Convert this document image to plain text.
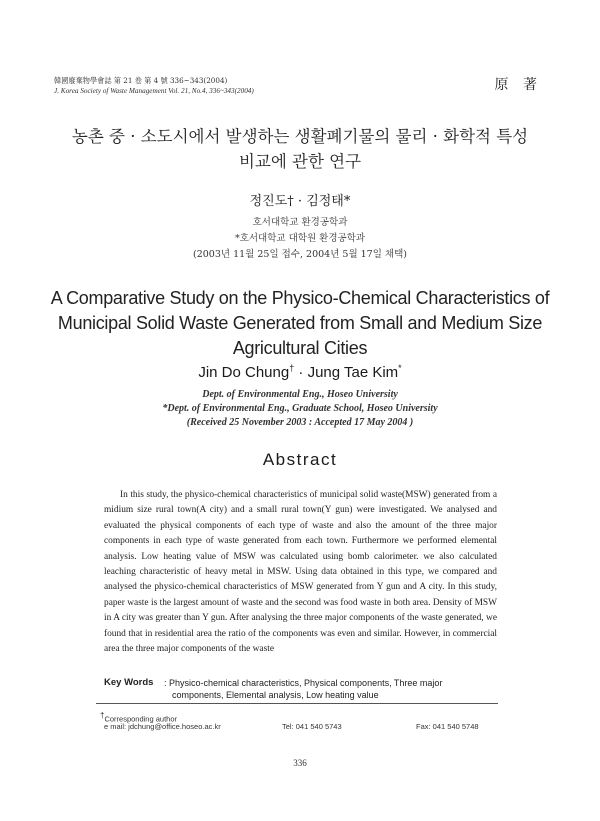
韓國廢棄物學會誌 第 21 卷 第 4 號 336~343(2004)
J. Korea Society of Waste Management Vol. 21, No.4, 336~343(2004)	原 著
농촌 중 · 소도시에서 발생하는 생활폐기물의 물리 · 화학적 특성
비교에 관한 연구
정진도† · 김정태*
호서대학교 환경공학과
*호서대학교 대학원 환경공학과
(2003년 11월 25일 접수, 2004년 5월 17일 채택)
A Comparative Study on the Physico-Chemical Characteristics of
Municipal Solid Waste Generated from Small and Medium Size
Agricultural Cities
Jin Do Chung† · Jung Tae Kim*
Dept. of Environmental Eng., Hoseo University
*Dept. of Environmental Eng., Graduate School, Hoseo University
(Received 25 November 2003 : Accepted 17 May 2004 )
Abstract
In this study, the physico-chemical characteristics of municipal solid waste(MSW) generated from a midium size rural town(A city) and a small rural town(Y gun) were investigated. We analysed and evaluated the physical components of each type of waste and also the amount of the three major components in each type of waste generated from each town. Furthermore we performed elemental analysis. Low heating value of MSW was calculated using bomb calorimeter. we also calculated leaching characteristic of heavy metal in MSW. Using data obtained in this type, we compared and analysed the physico-chemical characteristics of MSW generated from Y gun and A city. In this study, paper waste is the largest amount of waste and the second was food waste in both area. Density of MSW in A city was greater than Y gun. After analysing the three major components of the waste generated, we found that in residential area the ratio of the components was even and similar. However, in commercial area the three major components of the waste
Key Words : Physico-chemical characteristics, Physical components, Three major
components, Elemental analysis, Low heating value
†Corresponding author
e mail: jdchung@office.hoseo.ac.kr	Tel: 041 540 5743	Fax: 041 540 5748
336
